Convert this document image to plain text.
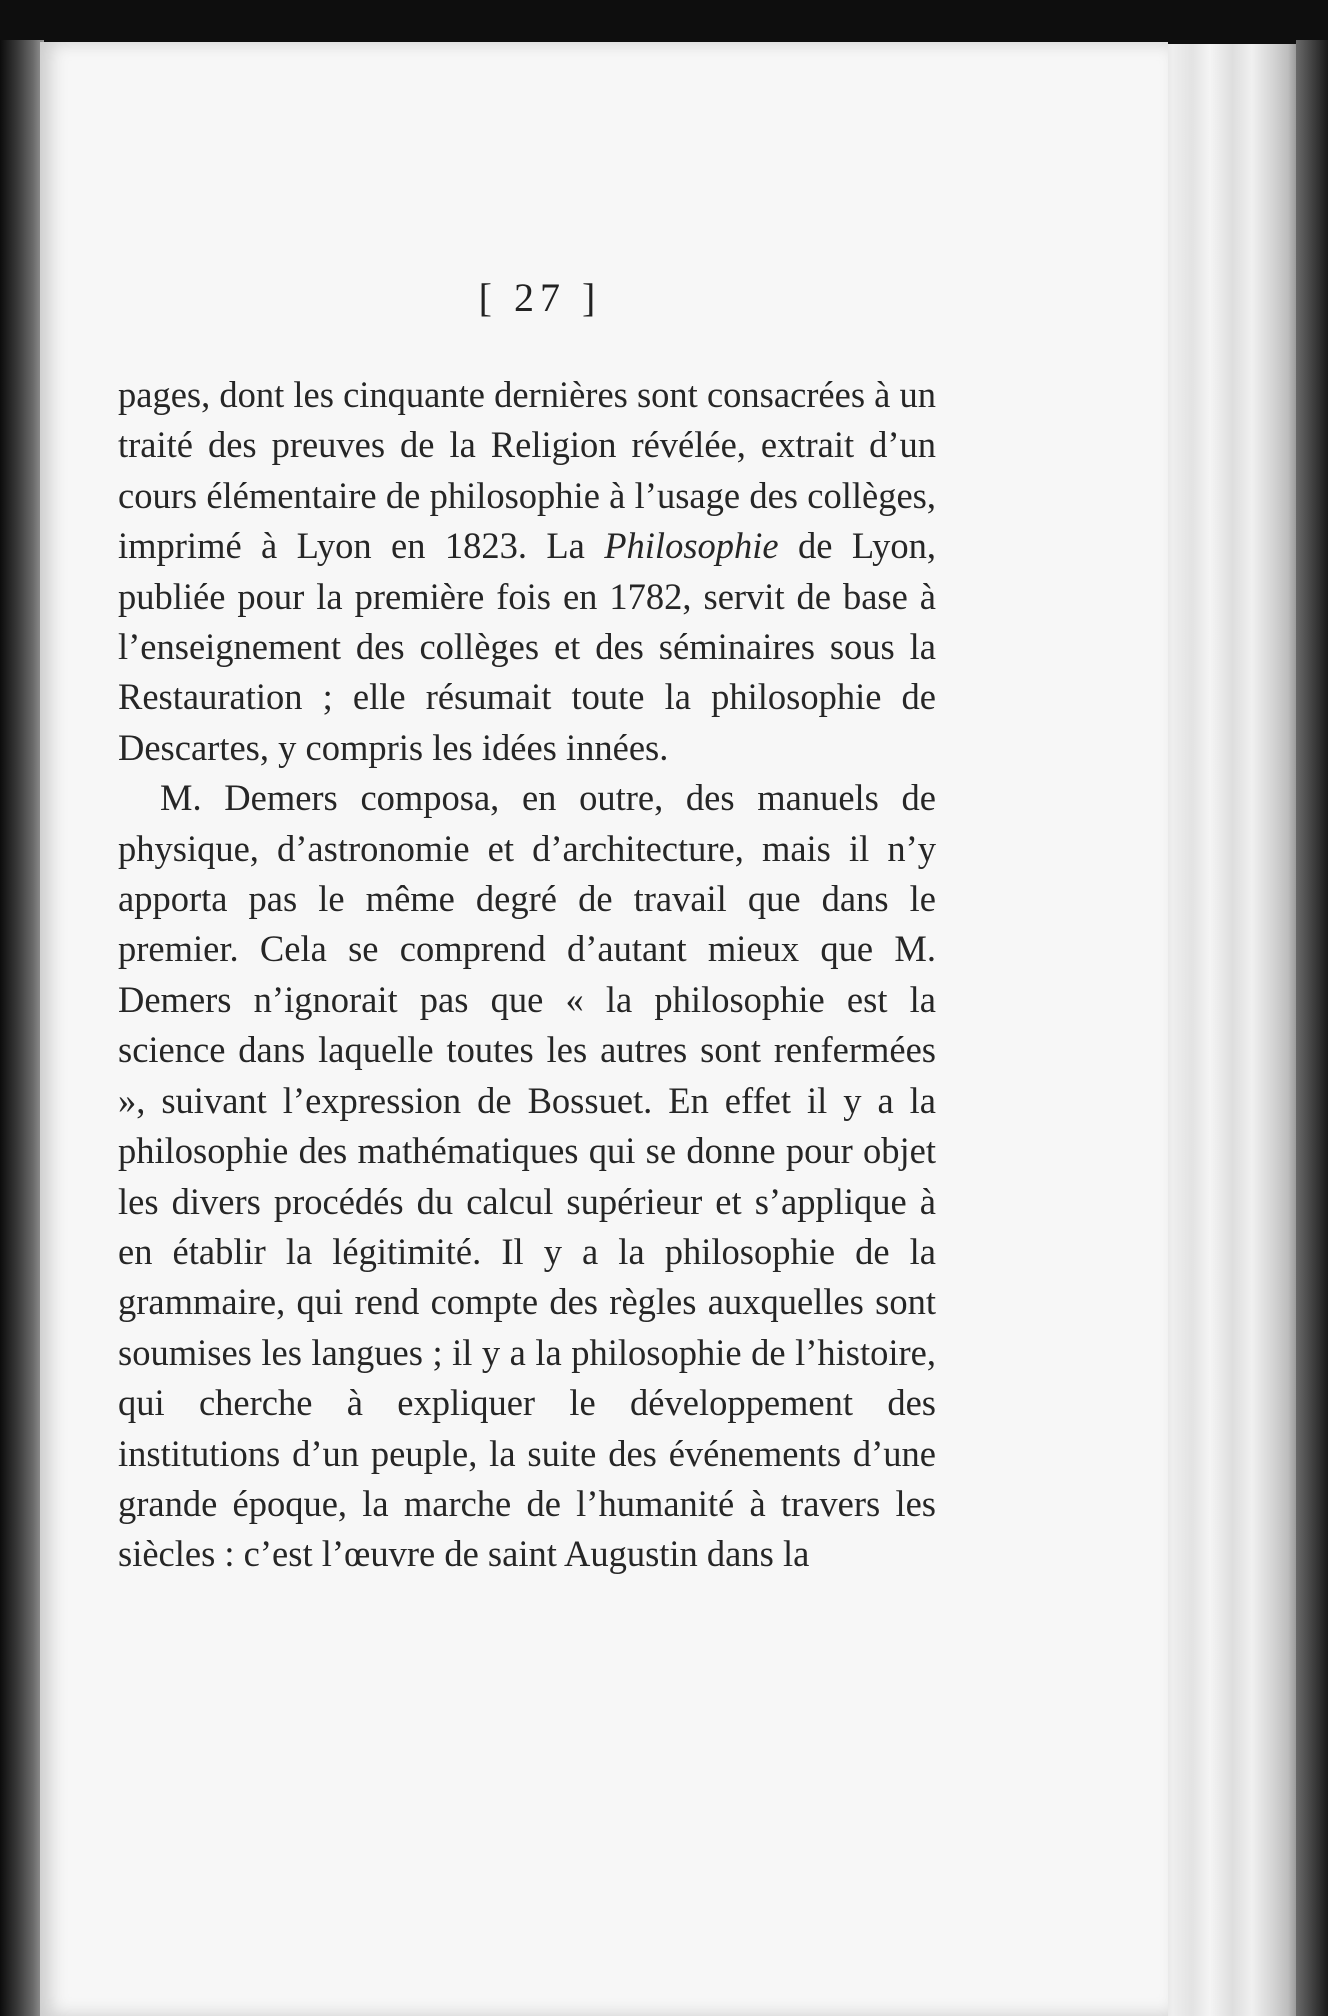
[ 27 ]

pages, dont les cinquante dernières sont consacrées à un traité des preuves de la Religion révélée, extrait d’un cours élémentaire de philosophie à l’usage des collèges, imprimé à Lyon en 1823. La Philosophie de Lyon, publiée pour la première fois en 1782, servit de base à l’enseignement des collèges et des séminaires sous la Restauration ; elle résumait toute la philosophie de Descartes, y compris les idées innées.

M. Demers composa, en outre, des manuels de physique, d’astronomie et d’architecture, mais il n’y apporta pas le même degré de travail que dans le premier. Cela se comprend d’autant mieux que M. Demers n’ignorait pas que « la philosophie est la science dans laquelle toutes les autres sont renfermées », suivant l’expression de Bossuet. En effet il y a la philosophie des mathématiques qui se donne pour objet les divers procédés du calcul supérieur et s’applique à en établir la légitimité. Il y a la philosophie de la grammaire, qui rend compte des règles auxquelles sont soumises les langues ; il y a la philosophie de l’histoire, qui cherche à expliquer le développement des institutions d’un peuple, la suite des événements d’une grande époque, la marche de l’humanité à travers les siècles : c’est l’œuvre de saint Augustin dans la
